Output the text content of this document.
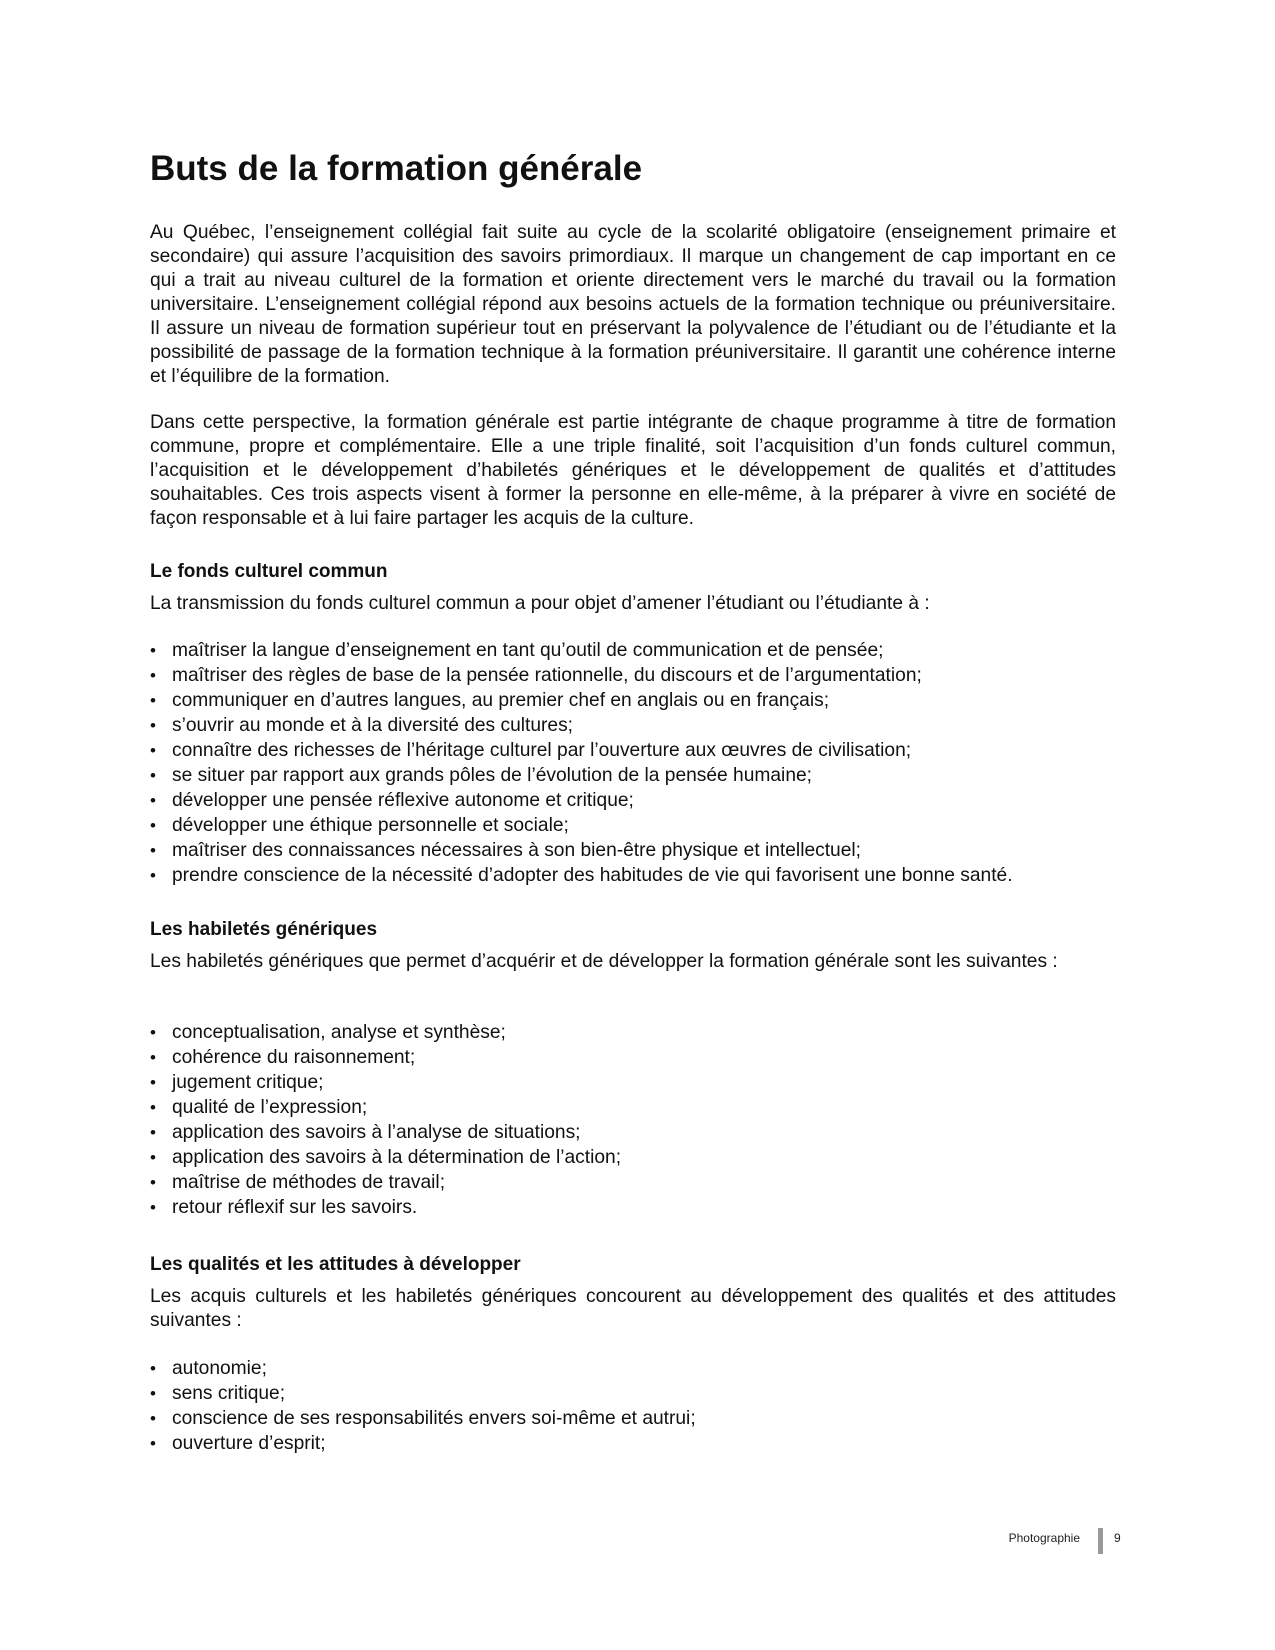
Buts de la formation générale

Au Québec, l’enseignement collégial fait suite au cycle de la scolarité obligatoire (enseignement primaire et secondaire) qui assure l’acquisition des savoirs primordiaux. Il marque un changement de cap important en ce qui a trait au niveau culturel de la formation et oriente directement vers le marché du travail ou la formation universitaire. L’enseignement collégial répond aux besoins actuels de la formation technique ou préuniversitaire. Il assure un niveau de formation supérieur tout en préservant la polyvalence de l’étudiant ou de l’étudiante et la possibilité de passage de la formation technique à la formation préuniversitaire. Il garantit une cohérence interne et l’équilibre de la formation.

Dans cette perspective, la formation générale est partie intégrante de chaque programme à titre de formation commune, propre et complémentaire. Elle a une triple finalité, soit l’acquisition d’un fonds culturel commun, l’acquisition et le développement d’habiletés génériques et le développement de qualités et d’attitudes souhaitables. Ces trois aspects visent à former la personne en elle-même, à la préparer à vivre en société de façon responsable et à lui faire partager les acquis de la culture.

Le fonds culturel commun

La transmission du fonds culturel commun a pour objet d’amener l’étudiant ou l’étudiante à :

• maîtriser la langue d’enseignement en tant qu’outil de communication et de pensée;
• maîtriser des règles de base de la pensée rationnelle, du discours et de l’argumentation;
• communiquer en d’autres langues, au premier chef en anglais ou en français;
• s’ouvrir au monde et à la diversité des cultures;
• connaître des richesses de l’héritage culturel par l’ouverture aux œuvres de civilisation;
• se situer par rapport aux grands pôles de l’évolution de la pensée humaine;
• développer une pensée réflexive autonome et critique;
• développer une éthique personnelle et sociale;
• maîtriser des connaissances nécessaires à son bien-être physique et intellectuel;
• prendre conscience de la nécessité d’adopter des habitudes de vie qui favorisent une bonne santé.
Les habiletés génériques

Les habiletés génériques que permet d’acquérir et de développer la formation générale sont les suivantes :

• conceptualisation, analyse et synthèse;
• cohérence du raisonnement;
• jugement critique;
• qualité de l’expression;
• application des savoirs à l’analyse de situations;
• application des savoirs à la détermination de l’action;
• maîtrise de méthodes de travail;
• retour réflexif sur les savoirs.
Les qualités et les attitudes à développer

Les acquis culturels et les habiletés génériques concourent au développement des qualités et des attitudes suivantes :

• autonomie;
• sens critique;
• conscience de ses responsabilités envers soi-même et autrui;
• ouverture d’esprit;
Photographie	9
